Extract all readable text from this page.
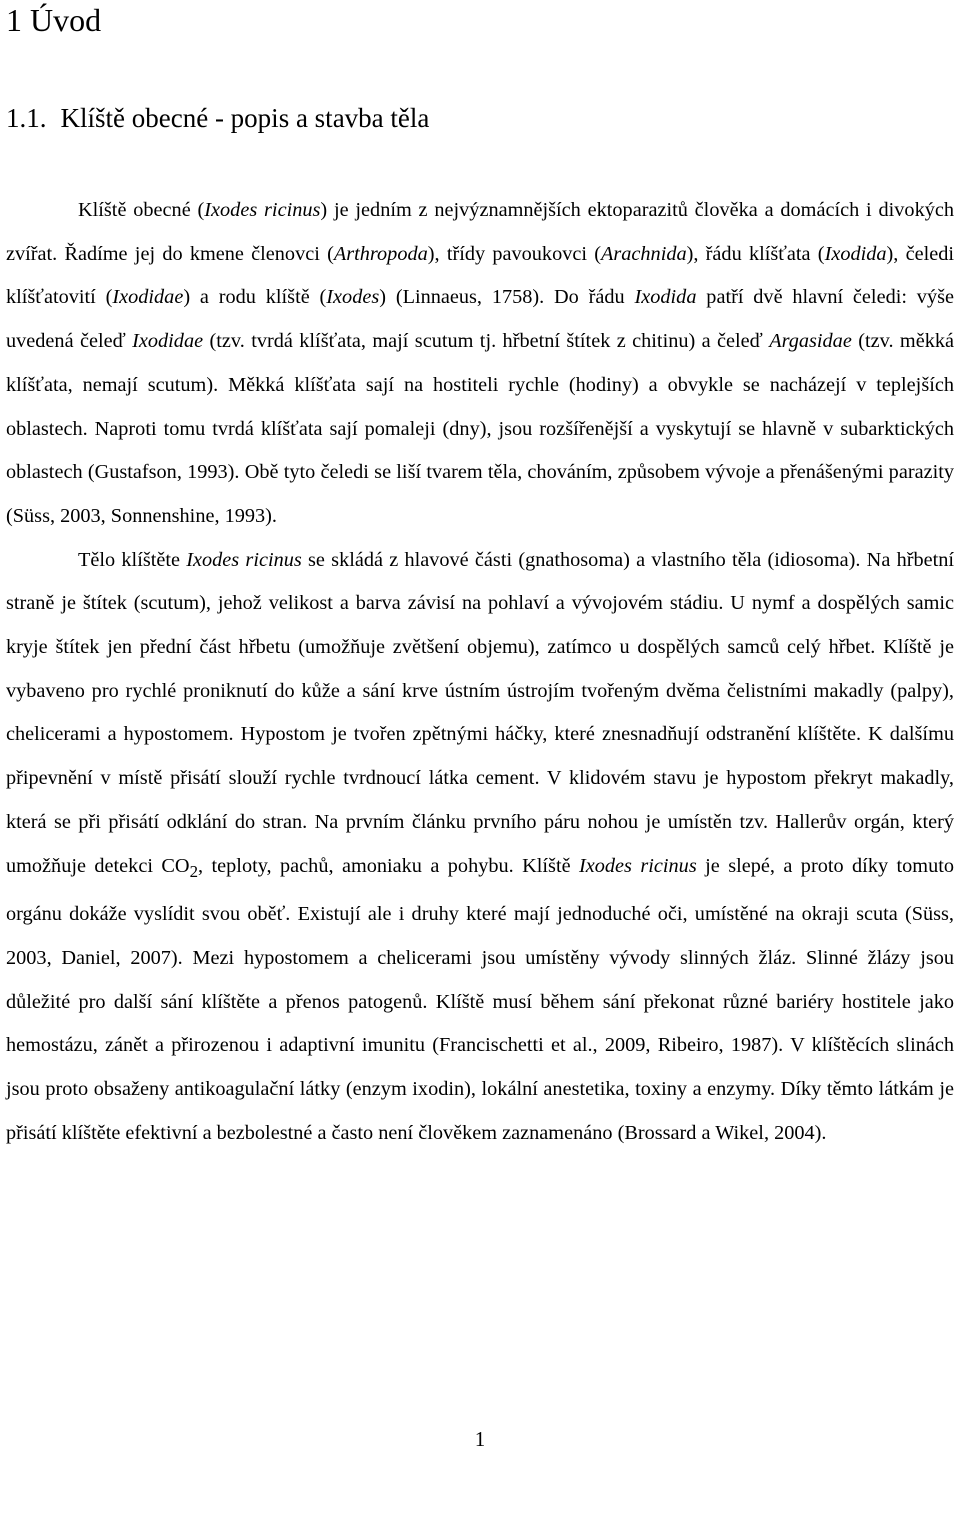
1 Úvod
1.1. Klíště obecné - popis a stavba těla

Klíště obecné (Ixodes ricinus) je jedním z nejvýznamnějších ektoparazitů člověka a domácích i divokých zvířat. Řadíme jej do kmene členovci (Arthropoda), třídy pavoukovci (Arachnida), řádu klíšťata (Ixodida), čeledi klíšťatovití (Ixodidae) a rodu klíště (Ixodes) (Linnaeus, 1758). Do řádu Ixodida patří dvě hlavní čeledi: výše uvedená čeleď Ixodidae (tzv. tvrdá klíšťata, mají scutum tj. hřbetní štítek z chitinu) a čeleď Argasidae (tzv. měkká klíšťata, nemají scutum). Měkká klíšťata sají na hostiteli rychle (hodiny) a obvykle se nacházejí v teplejších oblastech. Naproti tomu tvrdá klíšťata sají pomaleji (dny), jsou rozšířenější a vyskytují se hlavně v subarktických oblastech (Gustafson, 1993). Obě tyto čeledi se liší tvarem těla, chováním, způsobem vývoje a přenášenými parazity (Süss, 2003, Sonnenshine, 1993).

Tělo klíštěte Ixodes ricinus se skládá z hlavové části (gnathosoma) a vlastního těla (idiosoma). Na hřbetní straně je štítek (scutum), jehož velikost a barva závisí na pohlaví a vývojovém stádiu. U nymf a dospělých samic kryje štítek jen přední část hřbetu (umožňuje zvětšení objemu), zatímco u dospělých samců celý hřbet. Klíště je vybaveno pro rychlé proniknutí do kůže a sání krve ústním ústrojím tvořeným dvěma čelistními makadly (palpy), chelicerami a hypostomem. Hypostom je tvořen zpětnými háčky, které znesnadňují odstranění klíštěte. K dalšímu připevnění v místě přisátí slouží rychle tvrdnoucí látka cement. V klidovém stavu je hypostom překryt makadly, která se při přisátí odklání do stran. Na prvním článku prvního páru nohou je umístěn tzv. Hallerův orgán, který umožňuje detekci $CO_2$, teploty, pachů, amoniaku a pohybu. Klíště Ixodes ricinus je slepé, a proto díky tomuto orgánu dokáže vyslídit svou oběť. Existují ale i druhy které mají jednoduché oči, umístěné na okraji scuta (Süss, 2003, Daniel, 2007). Mezi hypostomem a chelicerami jsou umístěny vývody slinných žláz. Slinné žlázy jsou důležité pro další sání klíštěte a přenos patogenů. Klíště musí během sání překonat různé bariéry hostitele jako hemostázu, zánět a přirozenou i adaptivní imunitu (Francischetti et al., 2009, Ribeiro, 1987). V klíštěcích slinách jsou proto obsaženy antikoagulační látky (enzym ixodin), lokální anestetika, toxiny a enzymy. Díky těmto látkám je přisátí klíštěte efektivní a bezbolestné a často není člověkem zaznamenáno (Brossard a Wikel, 2004).

1
